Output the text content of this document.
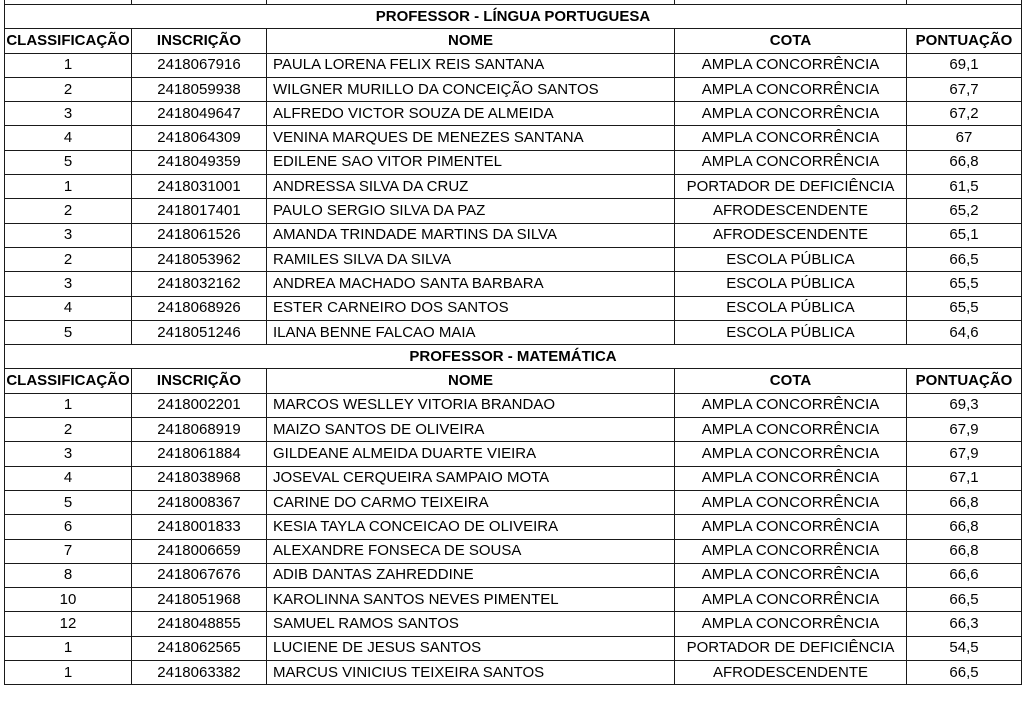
PROFESSOR - LÍNGUA PORTUGUESA				
CLASSIFICAÇÃO	INSCRIÇÃO	NOME	COTA	PONTUAÇÃO
1	2418067916	PAULA LORENA FELIX REIS SANTANA	AMPLA CONCORRÊNCIA	69,1
2	2418059938	WILGNER MURILLO DA CONCEIÇÃO SANTOS	AMPLA CONCORRÊNCIA	67,7
3	2418049647	ALFREDO VICTOR SOUZA DE ALMEIDA	AMPLA CONCORRÊNCIA	67,2
4	2418064309	VENINA MARQUES DE MENEZES SANTANA	AMPLA CONCORRÊNCIA	67
5	2418049359	EDILENE SAO VITOR PIMENTEL	AMPLA CONCORRÊNCIA	66,8
1	2418031001	ANDRESSA SILVA DA CRUZ	PORTADOR DE DEFICIÊNCIA	61,5
2	2418017401	PAULO SERGIO SILVA DA PAZ	AFRODESCENDENTE	65,2
3	2418061526	AMANDA TRINDADE MARTINS DA SILVA	AFRODESCENDENTE	65,1
2	2418053962	RAMILES SILVA DA SILVA	ESCOLA PÚBLICA	66,5
3	2418032162	ANDREA MACHADO SANTA BARBARA	ESCOLA PÚBLICA	65,5
4	2418068926	ESTER CARNEIRO DOS SANTOS	ESCOLA PÚBLICA	65,5
5	2418051246	ILANA BENNE FALCAO MAIA	ESCOLA PÚBLICA	64,6
PROFESSOR - MATEMÁTICA				
CLASSIFICAÇÃO	INSCRIÇÃO	NOME	COTA	PONTUAÇÃO
1	2418002201	MARCOS WESLLEY VITORIA BRANDAO	AMPLA CONCORRÊNCIA	69,3
2	2418068919	MAIZO SANTOS DE OLIVEIRA	AMPLA CONCORRÊNCIA	67,9
3	2418061884	GILDEANE ALMEIDA DUARTE VIEIRA	AMPLA CONCORRÊNCIA	67,9
4	2418038968	JOSEVAL CERQUEIRA SAMPAIO MOTA	AMPLA CONCORRÊNCIA	67,1
5	2418008367	CARINE DO CARMO TEIXEIRA	AMPLA CONCORRÊNCIA	66,8
6	2418001833	KESIA TAYLA CONCEICAO DE OLIVEIRA	AMPLA CONCORRÊNCIA	66,8
7	2418006659	ALEXANDRE FONSECA DE SOUSA	AMPLA CONCORRÊNCIA	66,8
8	2418067676	ADIB DANTAS ZAHREDDINE	AMPLA CONCORRÊNCIA	66,6
10	2418051968	KAROLINNA SANTOS NEVES PIMENTEL	AMPLA CONCORRÊNCIA	66,5
12	2418048855	SAMUEL RAMOS SANTOS	AMPLA CONCORRÊNCIA	66,3
1	2418062565	LUCIENE DE JESUS SANTOS	PORTADOR DE DEFICIÊNCIA	54,5
1	2418063382	MARCUS VINICIUS TEIXEIRA SANTOS	AFRODESCENDENTE	66,5
